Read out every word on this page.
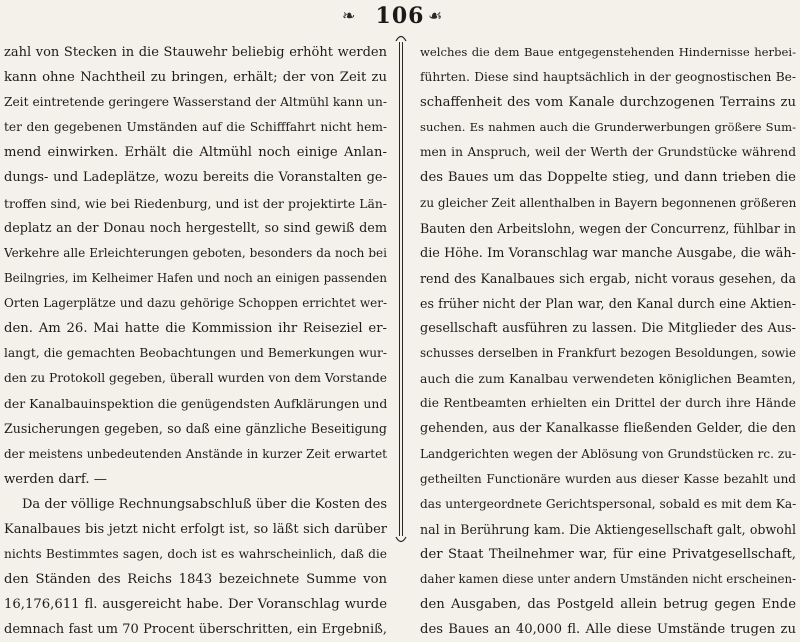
❧ 106 ☙
zahl von Stecken in die Stauwehr beliebig erhöht werden
kann ohne Nachtheil zu bringen, erhält; der von Zeit zu
Zeit eintretende geringere Wasserstand der Altmühl kann un-
ter den gegebenen Umständen auf die Schifffahrt nicht hem-
mend einwirken. Erhält die Altmühl noch einige Anlan-
dungs- und Ladeplätze, wozu bereits die Voranstalten ge-
troffen sind, wie bei Riedenburg, und ist der projektirte Län-
deplatz an der Donau noch hergestellt, so sind gewiß dem
Verkehre alle Erleichterungen geboten, besonders da noch bei
Beilngries, im Kelheimer Hafen und noch an einigen passenden
Orten Lagerplätze und dazu gehörige Schoppen errichtet wer-
den. Am 26. Mai hatte die Kommission ihr Reiseziel er-
langt, die gemachten Beobachtungen und Bemerkungen wur-
den zu Protokoll gegeben, überall wurden von dem Vorstande
der Kanalbauinspektion die genügendsten Aufklärungen und
Zusicherungen gegeben, so daß eine gänzliche Beseitigung
der meistens unbedeutenden Anstände in kurzer Zeit erwartet
werden darf. —
Da der völlige Rechnungsabschluß über die Kosten des
Kanalbaues bis jetzt nicht erfolgt ist, so läßt sich darüber
nichts Bestimmtes sagen, doch ist es wahrscheinlich, daß die
den Ständen des Reichs 1843 bezeichnete Summe von
16,176,611 fl. ausgereicht habe. Der Voranschlag wurde
demnach fast um 70 Procent überschritten, ein Ergebniß,
welches die dem Baue entgegenstehenden Hindernisse herbei-
führten. Diese sind hauptsächlich in der geognostischen Be-
schaffenheit des vom Kanale durchzogenen Terrains zu
suchen. Es nahmen auch die Grunderwerbungen größere Sum-
men in Anspruch, weil der Werth der Grundstücke während
des Baues um das Doppelte stieg, und dann trieben die
zu gleicher Zeit allenthalben in Bayern begonnenen größeren
Bauten den Arbeitslohn, wegen der Concurrenz, fühlbar in
die Höhe. Im Voranschlag war manche Ausgabe, die wäh-
rend des Kanalbaues sich ergab, nicht voraus gesehen, da
es früher nicht der Plan war, den Kanal durch eine Aktien-
gesellschaft ausführen zu lassen. Die Mitglieder des Aus-
schusses derselben in Frankfurt bezogen Besoldungen, sowie
auch die zum Kanalbau verwendeten königlichen Beamten,
die Rentbeamten erhielten ein Drittel der durch ihre Hände
gehenden, aus der Kanalkasse fließenden Gelder, die den
Landgerichten wegen der Ablösung von Grundstücken rc. zu-
getheilten Functionäre wurden aus dieser Kasse bezahlt und
das untergeordnete Gerichtspersonal, sobald es mit dem Ka-
nal in Berührung kam. Die Aktiengesellschaft galt, obwohl
der Staat Theilnehmer war, für eine Privatgesellschaft,
daher kamen diese unter andern Umständen nicht erscheinen-
den Ausgaben, das Postgeld allein betrug gegen Ende
des Baues an 40,000 fl. Alle diese Umstände trugen zu
